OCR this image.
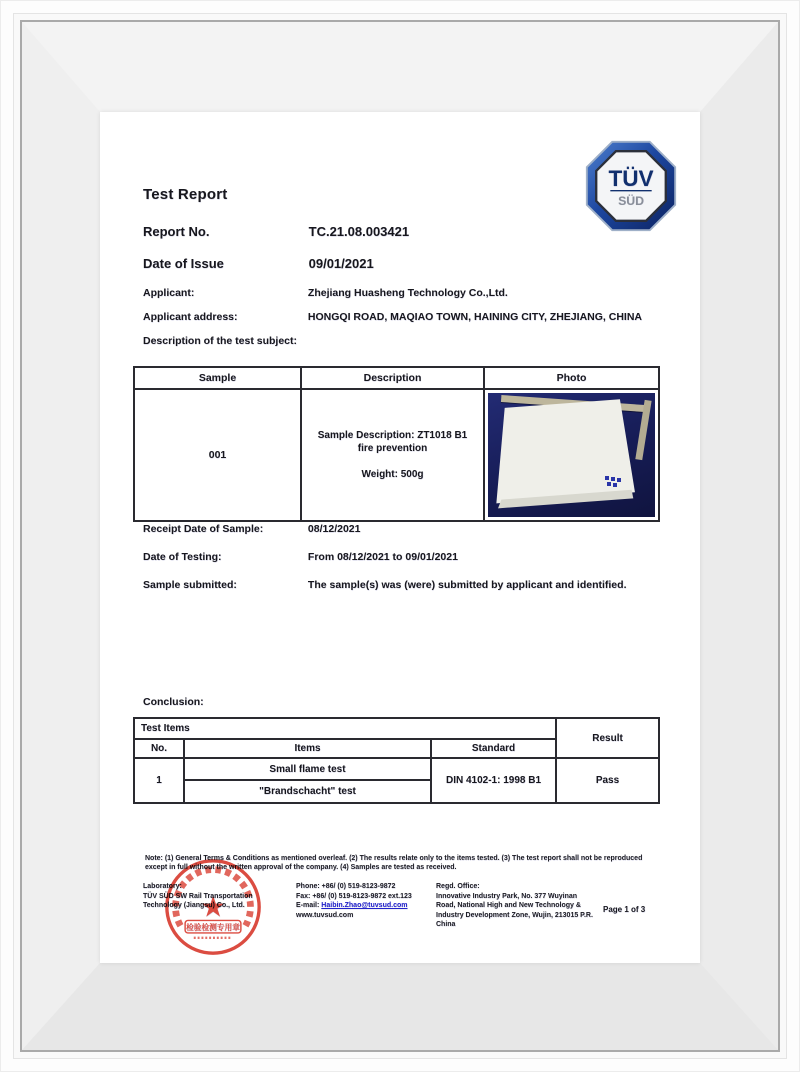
TÜV
SÜD
Test Report
Report No.	TC.21.08.003421
Date of Issue	09/01/2021
Applicant:	Zhejiang Huasheng Technology Co.,Ltd.
Applicant address:	HONGQI ROAD, MAQIAO TOWN, HAINING CITY, ZHEJIANG, CHINA
Description of the test subject:
Sample	Description	Photo
001	Sample Description: ZT1018 B1 fire prevention

Weight: 500g	

Receipt Date of Sample:	08/12/2021
Date of Testing:	From 08/12/2021 to 09/01/2021
Sample submitted:	The sample(s) was (were) submitted by applicant and identified.
Conclusion:
Test Items			Result
No.	Items	Standard	
1	Small flame test	DIN 4102-1: 1998 B1	Pass
	"Brandschacht" test		
Note: (1) General Terms & Conditions as mentioned overleaf. (2) The results relate only to the items tested. (3) The test report shall not be reproduced except in full without the written approval of the company. (4) Samples are tested as received.
Laboratory:
TÜV SÜD SW Rail Transportation
Technology (Jiangsu) Co., Ltd.
Phone: +86/ (0) 519-8123-9872
Fax: +86/ (0) 519-8123-9872 ext.123
E-mail: Haibin.Zhao@tuvsud.com
www.tuvsud.com
Regd. Office:
Innovative Industry Park, No. 377 Wuyinan
Road, National High and New Technology & Industry Development Zone, Wujin, 213015 P.R.
China
Page 1 of 3
★
检验检测专用章
